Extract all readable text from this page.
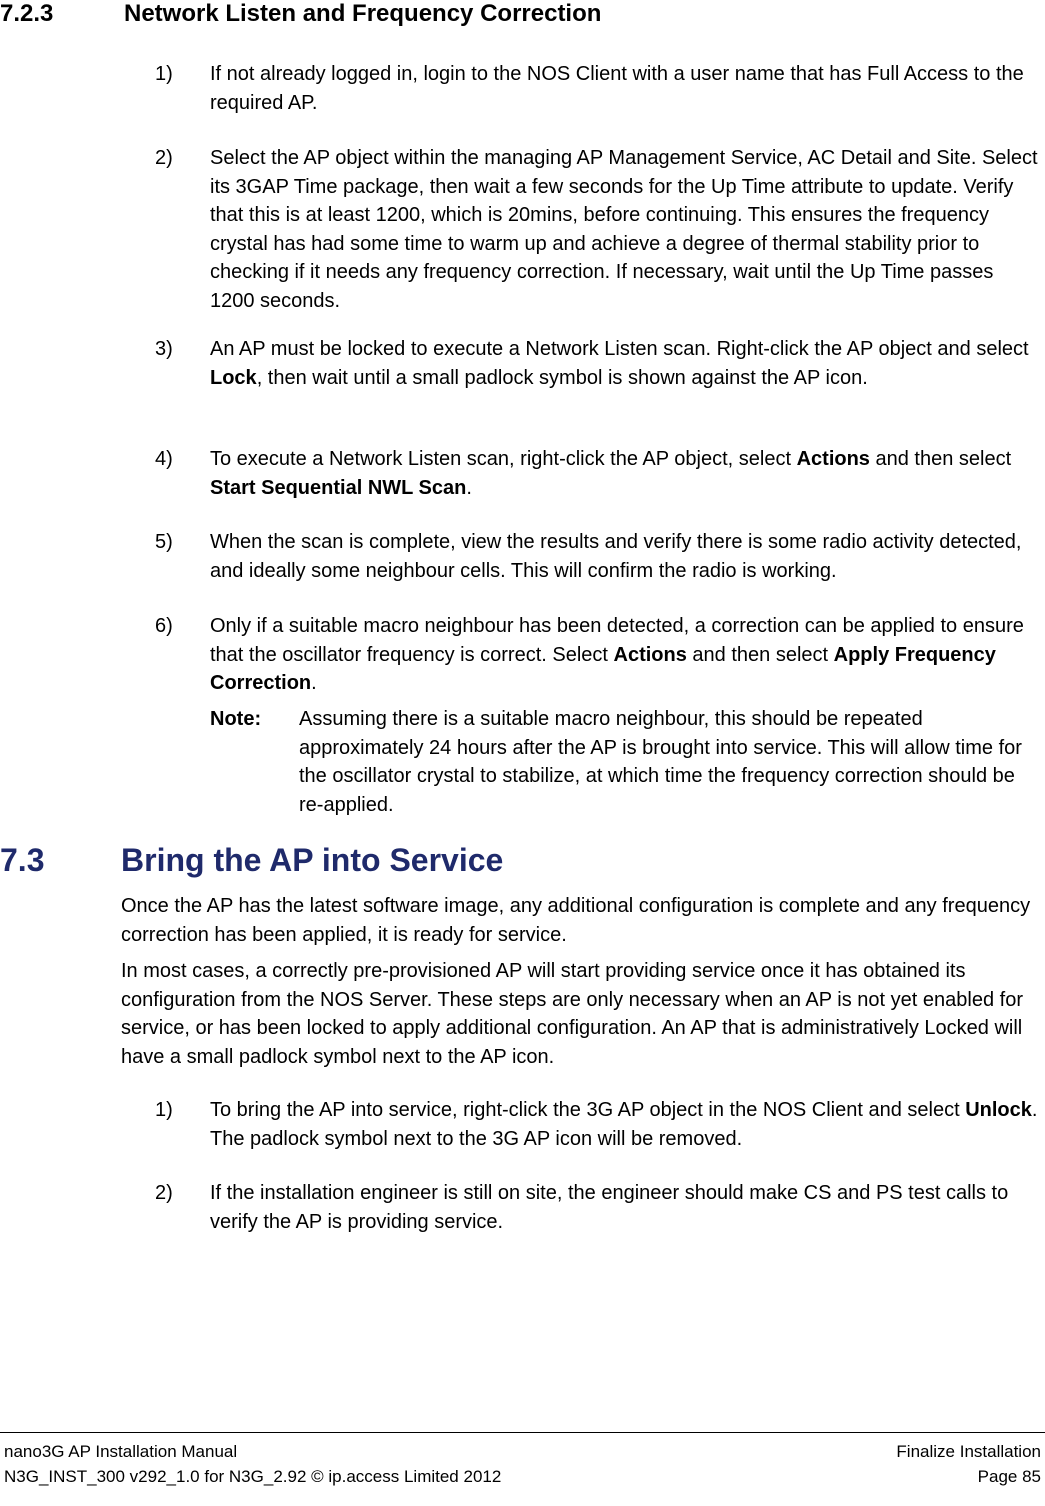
7.2.3	Network Listen and Frequency Correction
1) If not already logged in, login to the NOS Client with a user name that has Full Access to the required AP.
2) Select the AP object within the managing AP Management Service, AC Detail and Site. Select its 3GAP Time package, then wait a few seconds for the Up Time attribute to update. Verify that this is at least 1200, which is 20mins, before continuing. This ensures the frequency crystal has had some time to warm up and achieve a degree of thermal stability prior to checking if it needs any frequency correction. If necessary, wait until the Up Time passes 1200 seconds.
3) An AP must be locked to execute a Network Listen scan. Right-click the AP object and select Lock, then wait until a small padlock symbol is shown against the AP icon.
4) To execute a Network Listen scan, right-click the AP object, select Actions and then select Start Sequential NWL Scan.
5) When the scan is complete, view the results and verify there is some radio activity detected, and ideally some neighbour cells. This will confirm the radio is working.
6) Only if a suitable macro neighbour has been detected, a correction can be applied to ensure that the oscillator frequency is correct. Select Actions and then select Apply Frequency Correction.
Note: Assuming there is a suitable macro neighbour, this should be repeated approximately 24 hours after the AP is brought into service. This will allow time for the oscillator crystal to stabilize, at which time the frequency correction should be re-applied.
7.3 Bring the AP into Service
Once the AP has the latest software image, any additional configuration is complete and any frequency correction has been applied, it is ready for service.
In most cases, a correctly pre-provisioned AP will start providing service once it has obtained its configuration from the NOS Server. These steps are only necessary when an AP is not yet enabled for service, or has been locked to apply additional configuration. An AP that is administratively Locked will have a small padlock symbol next to the AP icon.
1) To bring the AP into service, right-click the 3G AP object in the NOS Client and select Unlock. The padlock symbol next to the 3G AP icon will be removed.
2) If the installation engineer is still on site, the engineer should make CS and PS test calls to verify the AP is providing service.
nano3G AP Installation Manual
N3G_INST_300 v292_1.0 for N3G_2.92 © ip.access Limited 2012
Finalize Installation
Page 85
